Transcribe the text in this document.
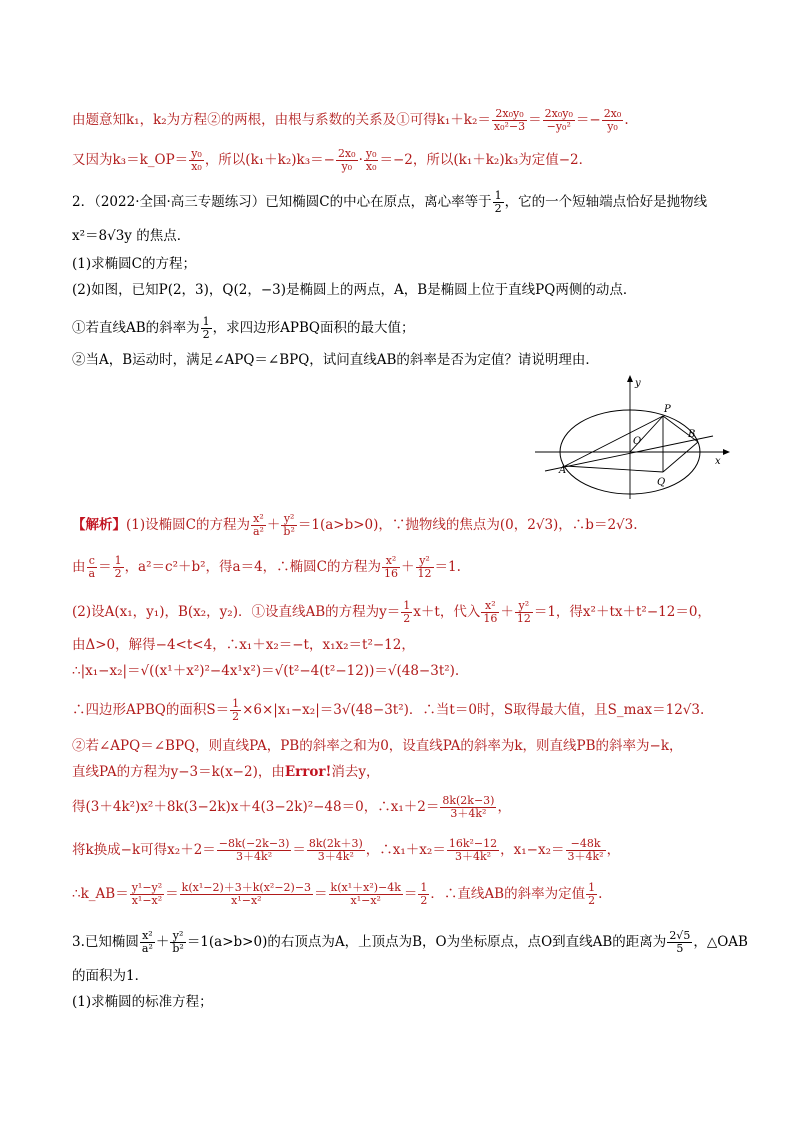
由题意知k₁，k₂为方程②的两根，由根与系数的关系及①可得$k_1+k_2= \frac{\text{2x₀y₀}}{\text{x₀²−3}} = \frac{\text{2x₀y₀}}{\text{−y₀²}} =- \frac{\text{2x₀}}{\text{y₀}}$ .
又因为k₃＝k_OP＝ $\frac{\text{y₀}}{\text{x₀}}$ ，所以$(k_1+k_2)k_3=- \frac{\text{2x₀}}{\text{y₀}} \cdot \frac{\text{y₀}}{\text{x₀}} =-2$，所以(k₁＋k₂)k₃为定值−2．
2．（2022·全国·高三专题练习）已知椭圆C的中心在原点，离心率等于 $\frac{1}{2}$ ，它的一个短轴端点恰好是抛物线
x²＝8√3y 的焦点．
(1)求椭圆C的方程；
(2)如图，已知P(2，3)，Q(2，−3)是椭圆上的两点，A，B是椭圆上位于直线PQ两侧的动点．
①若直线AB的斜率为 $\frac{1}{2}$ ，求四边形APBQ面积的最大值；
②当A，B运动时，满足∠APQ＝∠BPQ，试问直线AB的斜率是否为定值？请说明理由．
y
x
P
O
B
A
Q
【解析】(1)设椭圆C的方程为 $\frac{\text{x²}}{\text{a²}} + \frac{\text{y²}}{\text{b²}} =1(a>b>0)$，∵抛物线的焦点为(0，2√3)，∴b＝2√3.
由 $\frac{c}{a} = \frac{1}{2}$ ，a²＝c²＋b²，得a＝4，∴椭圆C的方程为 $\frac{\text{x²}}{16} + \frac{\text{y²}}{12} =1$.
(2)设A(x₁，y₁)，B(x₂，y₂)．①设直线AB的方程为$y= \frac{1}{2} x+t$，代入 $\frac{\text{x²}}{16} + \frac{\text{y²}}{12} =1$，得x²＋tx＋t²−12＝0，
由Δ>0，解得−4<t<4，∴x₁＋x₂＝−t，x₁x₂＝t²−12，
∴|x₁−x₂|＝√((x¹＋x²)²−4x¹x²)＝√(t²−4(t²−12))＝√(48−3t²).
∴四边形APBQ的面积$S= \frac{1}{2} \times 6\times|x_1-x_2|=3√(48-3t^2)$．∴当t＝0时，S取得最大值，且S_max＝12√3.
②若∠APQ＝∠BPQ，则直线PA，PB的斜率之和为0，设直线PA的斜率为k，则直线PB的斜率为−k，
直线PA的方程为y−3＝k(x−2)，由Error!消去y，
得(3＋4k²)x²＋8k(3−2k)x＋4(3−2k)²−48＝0，∴x₁＋2＝ $\frac{8k(2k-3)}{\text{3＋4k²}}$ ，
将k换成−k可得$x_2+2= \frac{-8k(-2k-3)}{\text{3＋4k²}} = \frac{8k(2k+3)}{\text{3＋4k²}}$ ，∴x₁＋x₂＝ $\frac{\text{16k²−12}}{\text{3＋4k²}}$ ，$x_1-x_2= \frac{-48k}{\text{3＋4k²}}$ ，
∴k_AB＝ $\frac{\text{y¹−y²}}{\text{x¹−x²}} = \frac{\text{k(x¹−2)＋3＋k(x²−2)−3}}{\text{x¹−x²}} = \frac{\text{k(x¹＋x²)−4k}}{\text{x¹−x²}} = \frac{1}{2}$ ．∴直线AB的斜率为定值 $\frac{1}{2}$ .
3.已知椭圆 $\frac{\text{x²}}{\text{a²}} + \frac{\text{y²}}{\text{b²}} =1(a>b>0)$的右顶点为A，上顶点为B，O为坐标原点，点O到直线AB的距离为 $\frac{2√5}{5}$ ，△OAB
的面积为1．
(1)求椭圆的标准方程；
